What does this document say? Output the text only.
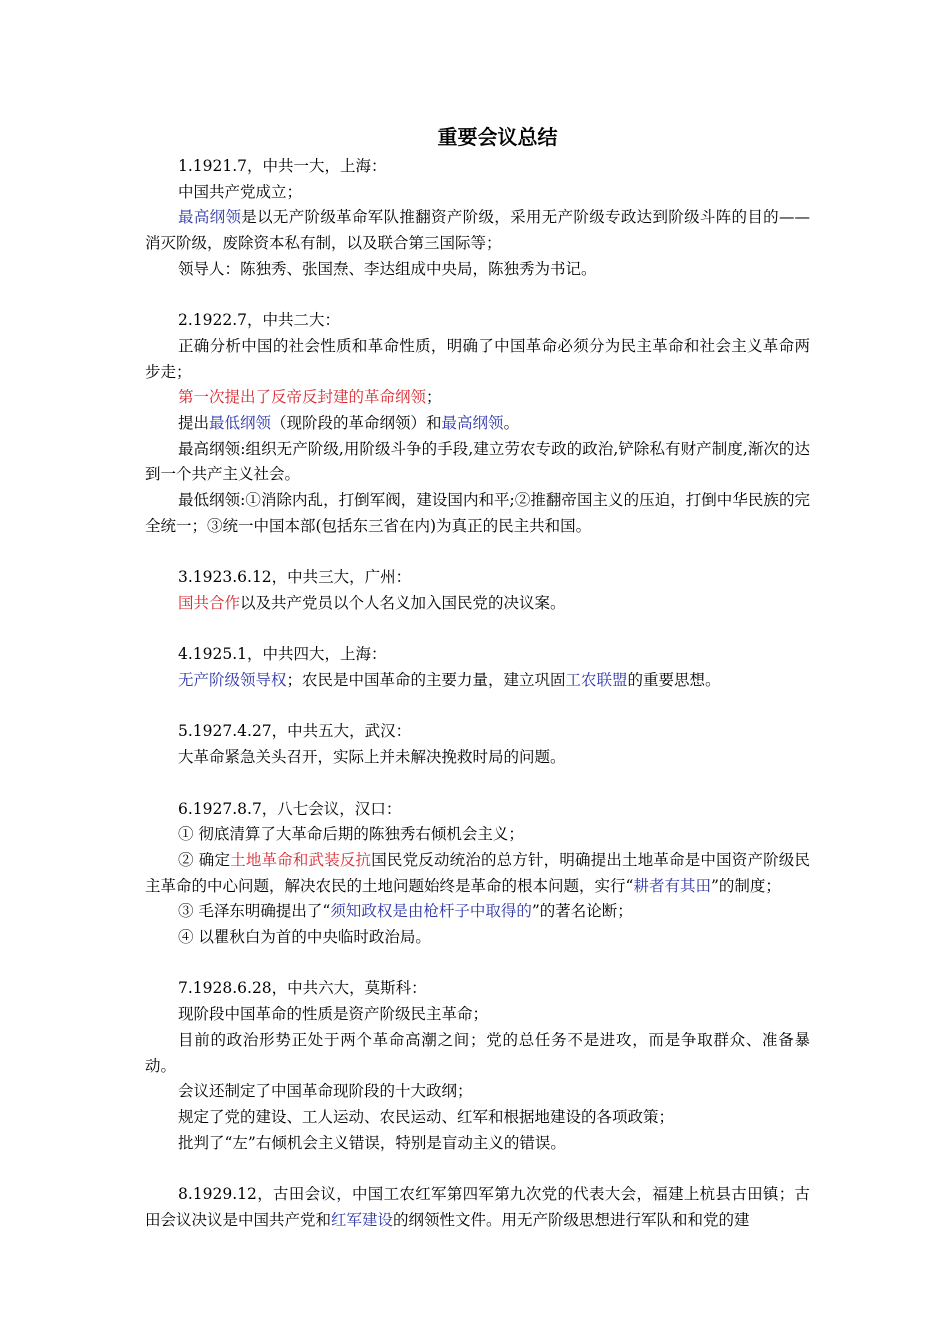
重要会议总结

1.1921.7，中共一大，上海：

中国共产党成立；

最高纲领是以无产阶级革命军队推翻资产阶级，采用无产阶级专政达到阶级斗阵的目的——消灭阶级，废除资本私有制，以及联合第三国际等；

领导人：陈独秀、张国焘、李达组成中央局，陈独秀为书记。

2.1922.7，中共二大：

正确分析中国的社会性质和革命性质，明确了中国革命必须分为民主革命和社会主义革命两步走；

第一次提出了反帝反封建的革命纲领；

提出最低纲领（现阶段的革命纲领）和最高纲领。

最高纲领:组织无产阶级,用阶级斗争的手段,建立劳农专政的政治,铲除私有财产制度,渐次的达到一个共产主义社会。

最低纲领:①消除内乱，打倒军阀，建设国内和平;②推翻帝国主义的压迫，打倒中华民族的完全统一；③统一中国本部(包括东三省在内)为真正的民主共和国。

3.1923.6.12，中共三大，广州：

国共合作以及共产党员以个人名义加入国民党的决议案。

4.1925.1，中共四大，上海：

无产阶级领导权；农民是中国革命的主要力量，建立巩固工农联盟的重要思想。

5.1927.4.27，中共五大，武汉：

大革命紧急关头召开，实际上并未解决挽救时局的问题。

6.1927.8.7，八七会议，汉口：

① 彻底清算了大革命后期的陈独秀右倾机会主义；

② 确定土地革命和武装反抗国民党反动统治的总方针，明确提出土地革命是中国资产阶级民主革命的中心问题，解决农民的土地问题始终是革命的根本问题，实行“耕者有其田”的制度；

③ 毛泽东明确提出了“须知政权是由枪杆子中取得的”的著名论断；

④ 以瞿秋白为首的中央临时政治局。

7.1928.6.28，中共六大，莫斯科：

现阶段中国革命的性质是资产阶级民主革命；

目前的政治形势正处于两个革命高潮之间；党的总任务不是进攻，而是争取群众、准备暴动。

会议还制定了中国革命现阶段的十大政纲；

规定了党的建设、工人运动、农民运动、红军和根据地建设的各项政策；

批判了“左”右倾机会主义错误，特别是盲动主义的错误。

8.1929.12，古田会议，中国工农红军第四军第九次党的代表大会，福建上杭县古田镇；古田会议决议是中国共产党和红军建设的纲领性文件。用无产阶级思想进行军队和和党的建
